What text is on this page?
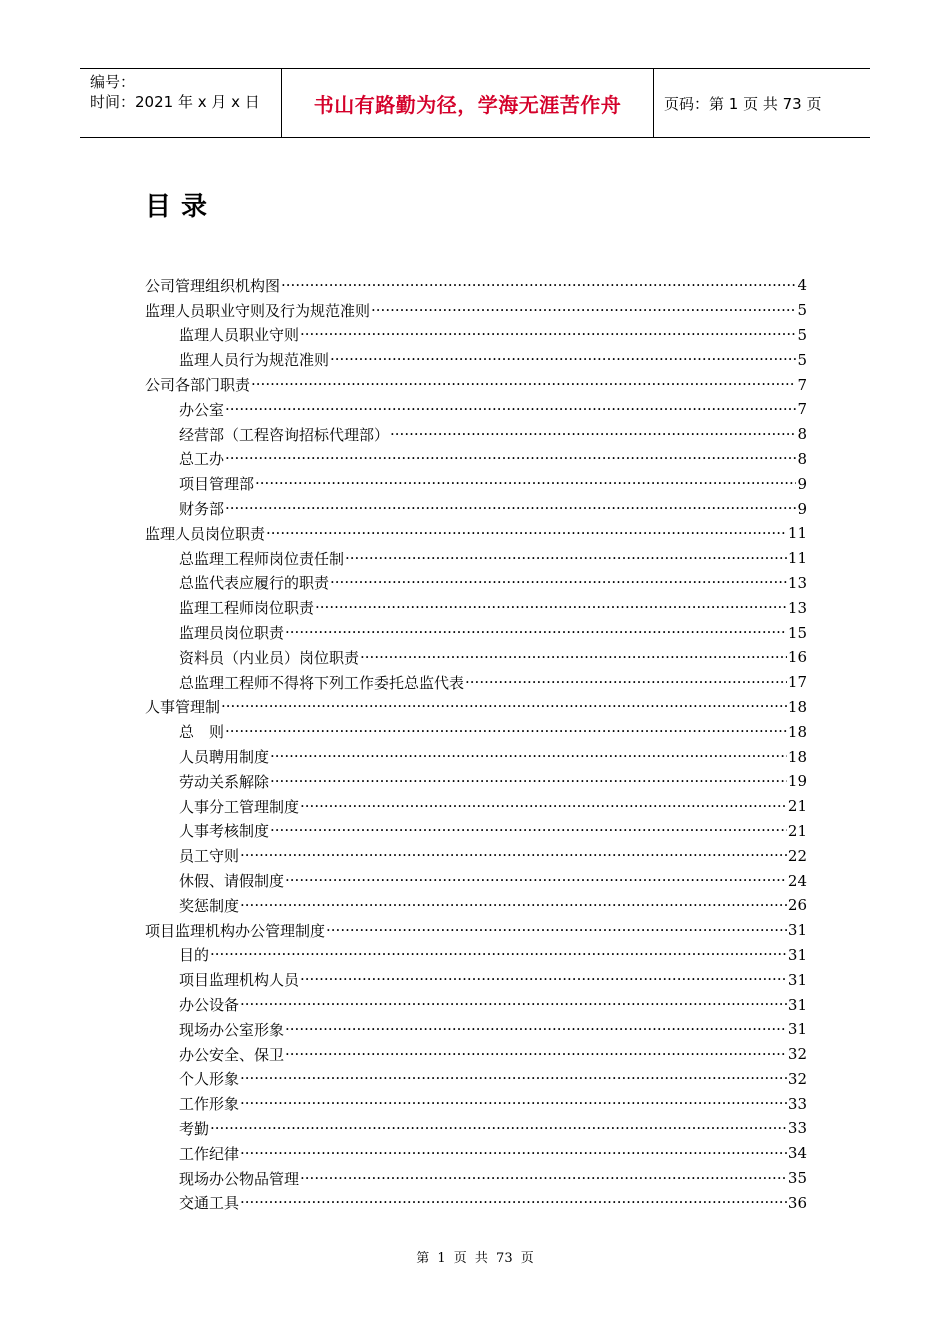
编号：
时间：2021 年 x 月 x 日	书山有路勤为径，学海无涯苦作舟	页码：第 1 页 共 73 页
目录
公司管理组织机构图 ·····	4
监理人员职业守则及行为规范准则 ·····	5
监理人员职业守则 ·····	5
监理人员行为规范准则 ·····	5
公司各部门职责 ·····	7
办公室 ·····	7
经营部（工程咨询招标代理部） ·····	8
总工办 ·····	8
项目管理部 ·····	9
财务部 ·····	9
监理人员岗位职责 ·····	11
总监理工程师岗位责任制 ·····	11
总监代表应履行的职责 ·····	13
监理工程师岗位职责 ·····	13
监理员岗位职责 ·····	15
资料员（内业员）岗位职责 ·····	16
总监理工程师不得将下列工作委托总监代表 ·····	17
人事管理制 ·····	18
总　则 ·····	18
人员聘用制度 ·····	18
劳动关系解除 ·····	19
人事分工管理制度 ·····	21
人事考核制度 ·····	21
员工守则 ·····	22
休假、请假制度 ·····	24
奖惩制度 ·····	26
项目监理机构办公管理制度 ·····	31
目的 ·····	31
项目监理机构人员 ·····	31
办公设备 ·····	31
现场办公室形象 ·····	31
办公安全、保卫 ·····	32
个人形象 ·····	32
工作形象 ·····	33
考勤 ·····	33
工作纪律 ·····	34
现场办公物品管理 ·····	35
交通工具 ·····	36
第 1 页 共 73 页
